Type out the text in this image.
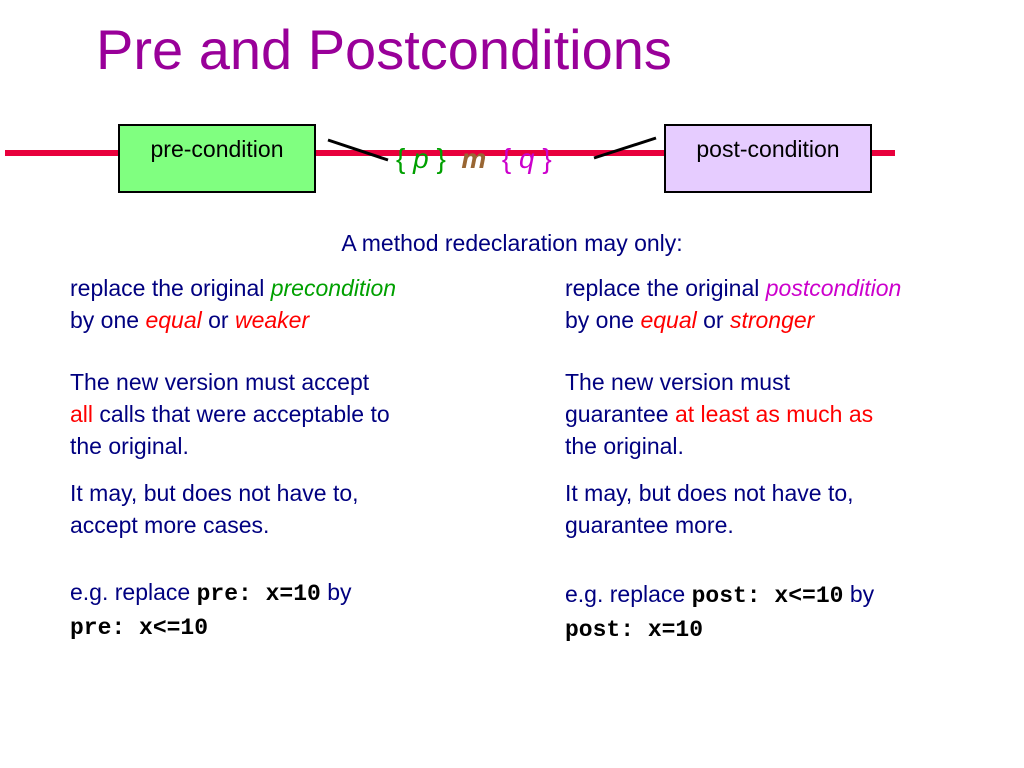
Pre and Postconditions
pre-condition	post-condition
{ p } m { q }
A method redeclaration may only:
replace the original precondition
by one equal or weaker
The new version must accept
all calls that were acceptable to
the original.
It may, but does not have to,
accept more cases.
e.g. replace pre: x=10 by
pre: x<=10
replace the original postcondition
by one equal or stronger
The new version must
guarantee at least as much as
the original.
It may, but does not have to,
guarantee more.
e.g. replace post: x<=10 by
post: x=10
